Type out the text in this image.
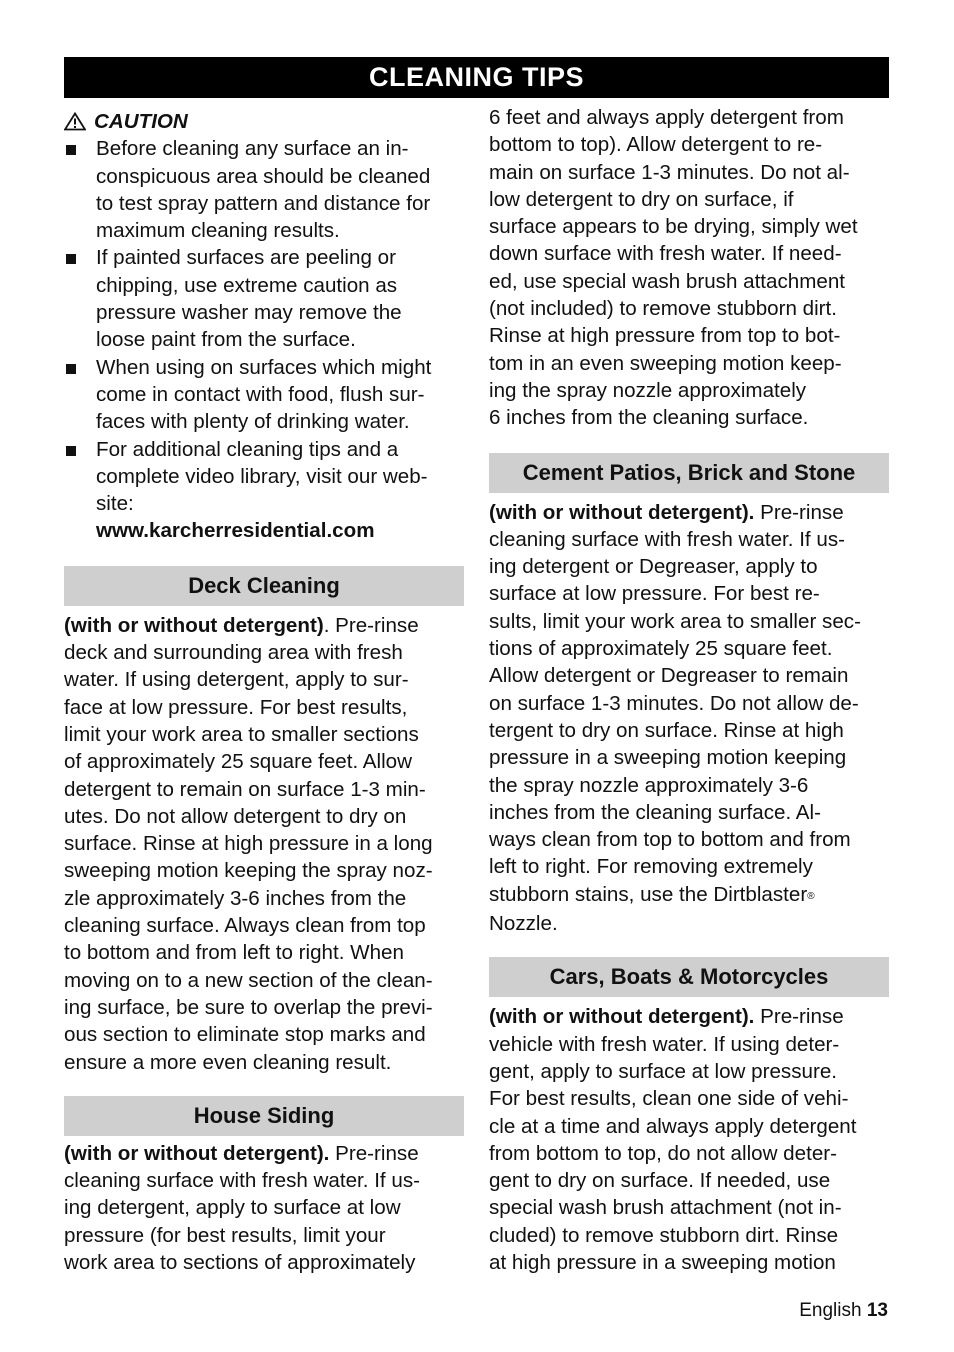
CLEANING TIPS
CAUTION
Before cleaning any surface an in-
conspicuous area should be cleaned
to test spray pattern and distance for
maximum cleaning results.
If painted surfaces are peeling or
chipping, use extreme caution as
pressure washer may remove the
loose paint from the surface.
When using on surfaces which might
come in contact with food, flush sur-
faces with plenty of drinking water.
For additional cleaning tips and a
complete video library, visit our web-
site:
www.karcherresidential.com
Deck Cleaning
(with or without detergent). Pre-rinse
deck and surrounding area with fresh
water. If using detergent, apply to sur-
face at low pressure. For best results,
limit your work area to smaller sections
of approximately 25 square feet. Allow
detergent to remain on surface 1-3 min-
utes. Do not allow detergent to dry on
surface. Rinse at high pressure in a long
sweeping motion keeping the spray noz-
zle approximately 3-6 inches from the
cleaning surface. Always clean from top
to bottom and from left to right. When
moving on to a new section of the clean-
ing surface, be sure to overlap the previ-
ous section to eliminate stop marks and
ensure a more even cleaning result.
House Siding
(with or without detergent). Pre-rinse
cleaning surface with fresh water. If us-
ing detergent, apply to surface at low
pressure (for best results, limit your
work area to sections of approximately
6 feet and always apply detergent from
bottom to top). Allow detergent to re-
main on surface 1-3 minutes. Do not al-
low detergent to dry on surface, if
surface appears to be drying, simply wet
down surface with fresh water. If need-
ed, use special wash brush attachment
(not included) to remove stubborn dirt.
Rinse at high pressure from top to bot-
tom in an even sweeping motion keep-
ing the spray nozzle approximately
6 inches from the cleaning surface.
Cement Patios, Brick and Stone
(with or without detergent). Pre-rinse
cleaning surface with fresh water. If us-
ing detergent or Degreaser, apply to
surface at low pressure. For best re-
sults, limit your work area to smaller sec-
tions of approximately 25 square feet.
Allow detergent or Degreaser to remain
on surface 1-3 minutes. Do not allow de-
tergent to dry on surface. Rinse at high
pressure in a sweeping motion keeping
the spray nozzle approximately 3-6
inches from the cleaning surface. Al-
ways clean from top to bottom and from
left to right. For removing extremely
stubborn stains, use the Dirtblaster®
Nozzle.
Cars, Boats & Motorcycles
(with or without detergent). Pre-rinse
vehicle with fresh water. If using deter-
gent, apply to surface at low pressure.
For best results, clean one side of vehi-
cle at a time and always apply detergent
from bottom to top, do not allow deter-
gent to dry on surface. If needed, use
special wash brush attachment (not in-
cluded) to remove stubborn dirt. Rinse
at high pressure in a sweeping motion
English 13
